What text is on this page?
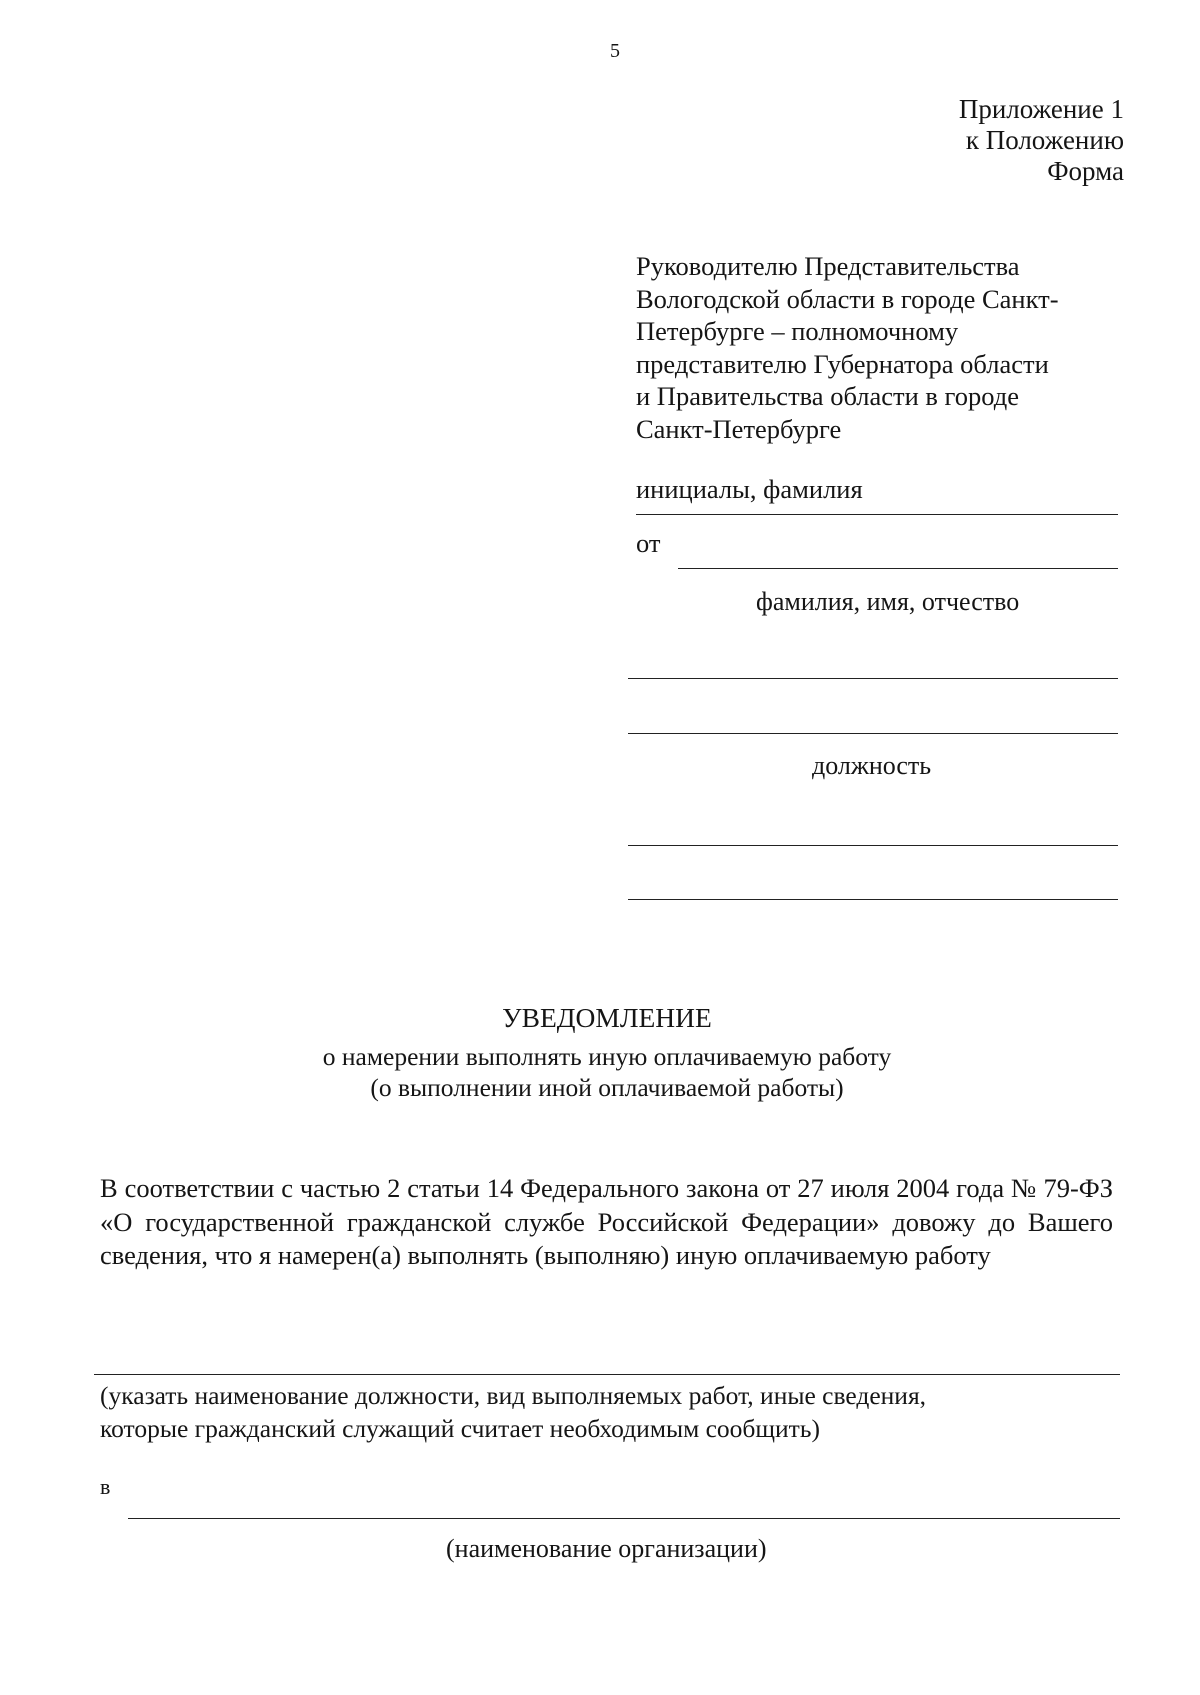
5
Приложение 1
к Положению
Форма
Руководителю Представительства
Вологодской области в городе Санкт-
Петербурге – полномочному
представителю Губернатора области
и Правительства области в городе
Санкт-Петербурге
инициалы, фамилия
от
фамилия, имя, отчество
должность
УВЕДОМЛЕНИЕ
о намерении выполнять иную оплачиваемую работу
(о выполнении иной оплачиваемой работы)
В соответствии с частью 2 статьи 14 Федерального закона от 27 июля 2004 года № 79-ФЗ «О государственной гражданской службе Российской Федерации» довожу до Вашего сведения, что я намерен(а) выполнять (выполняю) иную оплачиваемую работу
(указать наименование должности, вид выполняемых работ, иные сведения,
которые гражданский служащий считает необходимым сообщить)
в
(наименование организации)
